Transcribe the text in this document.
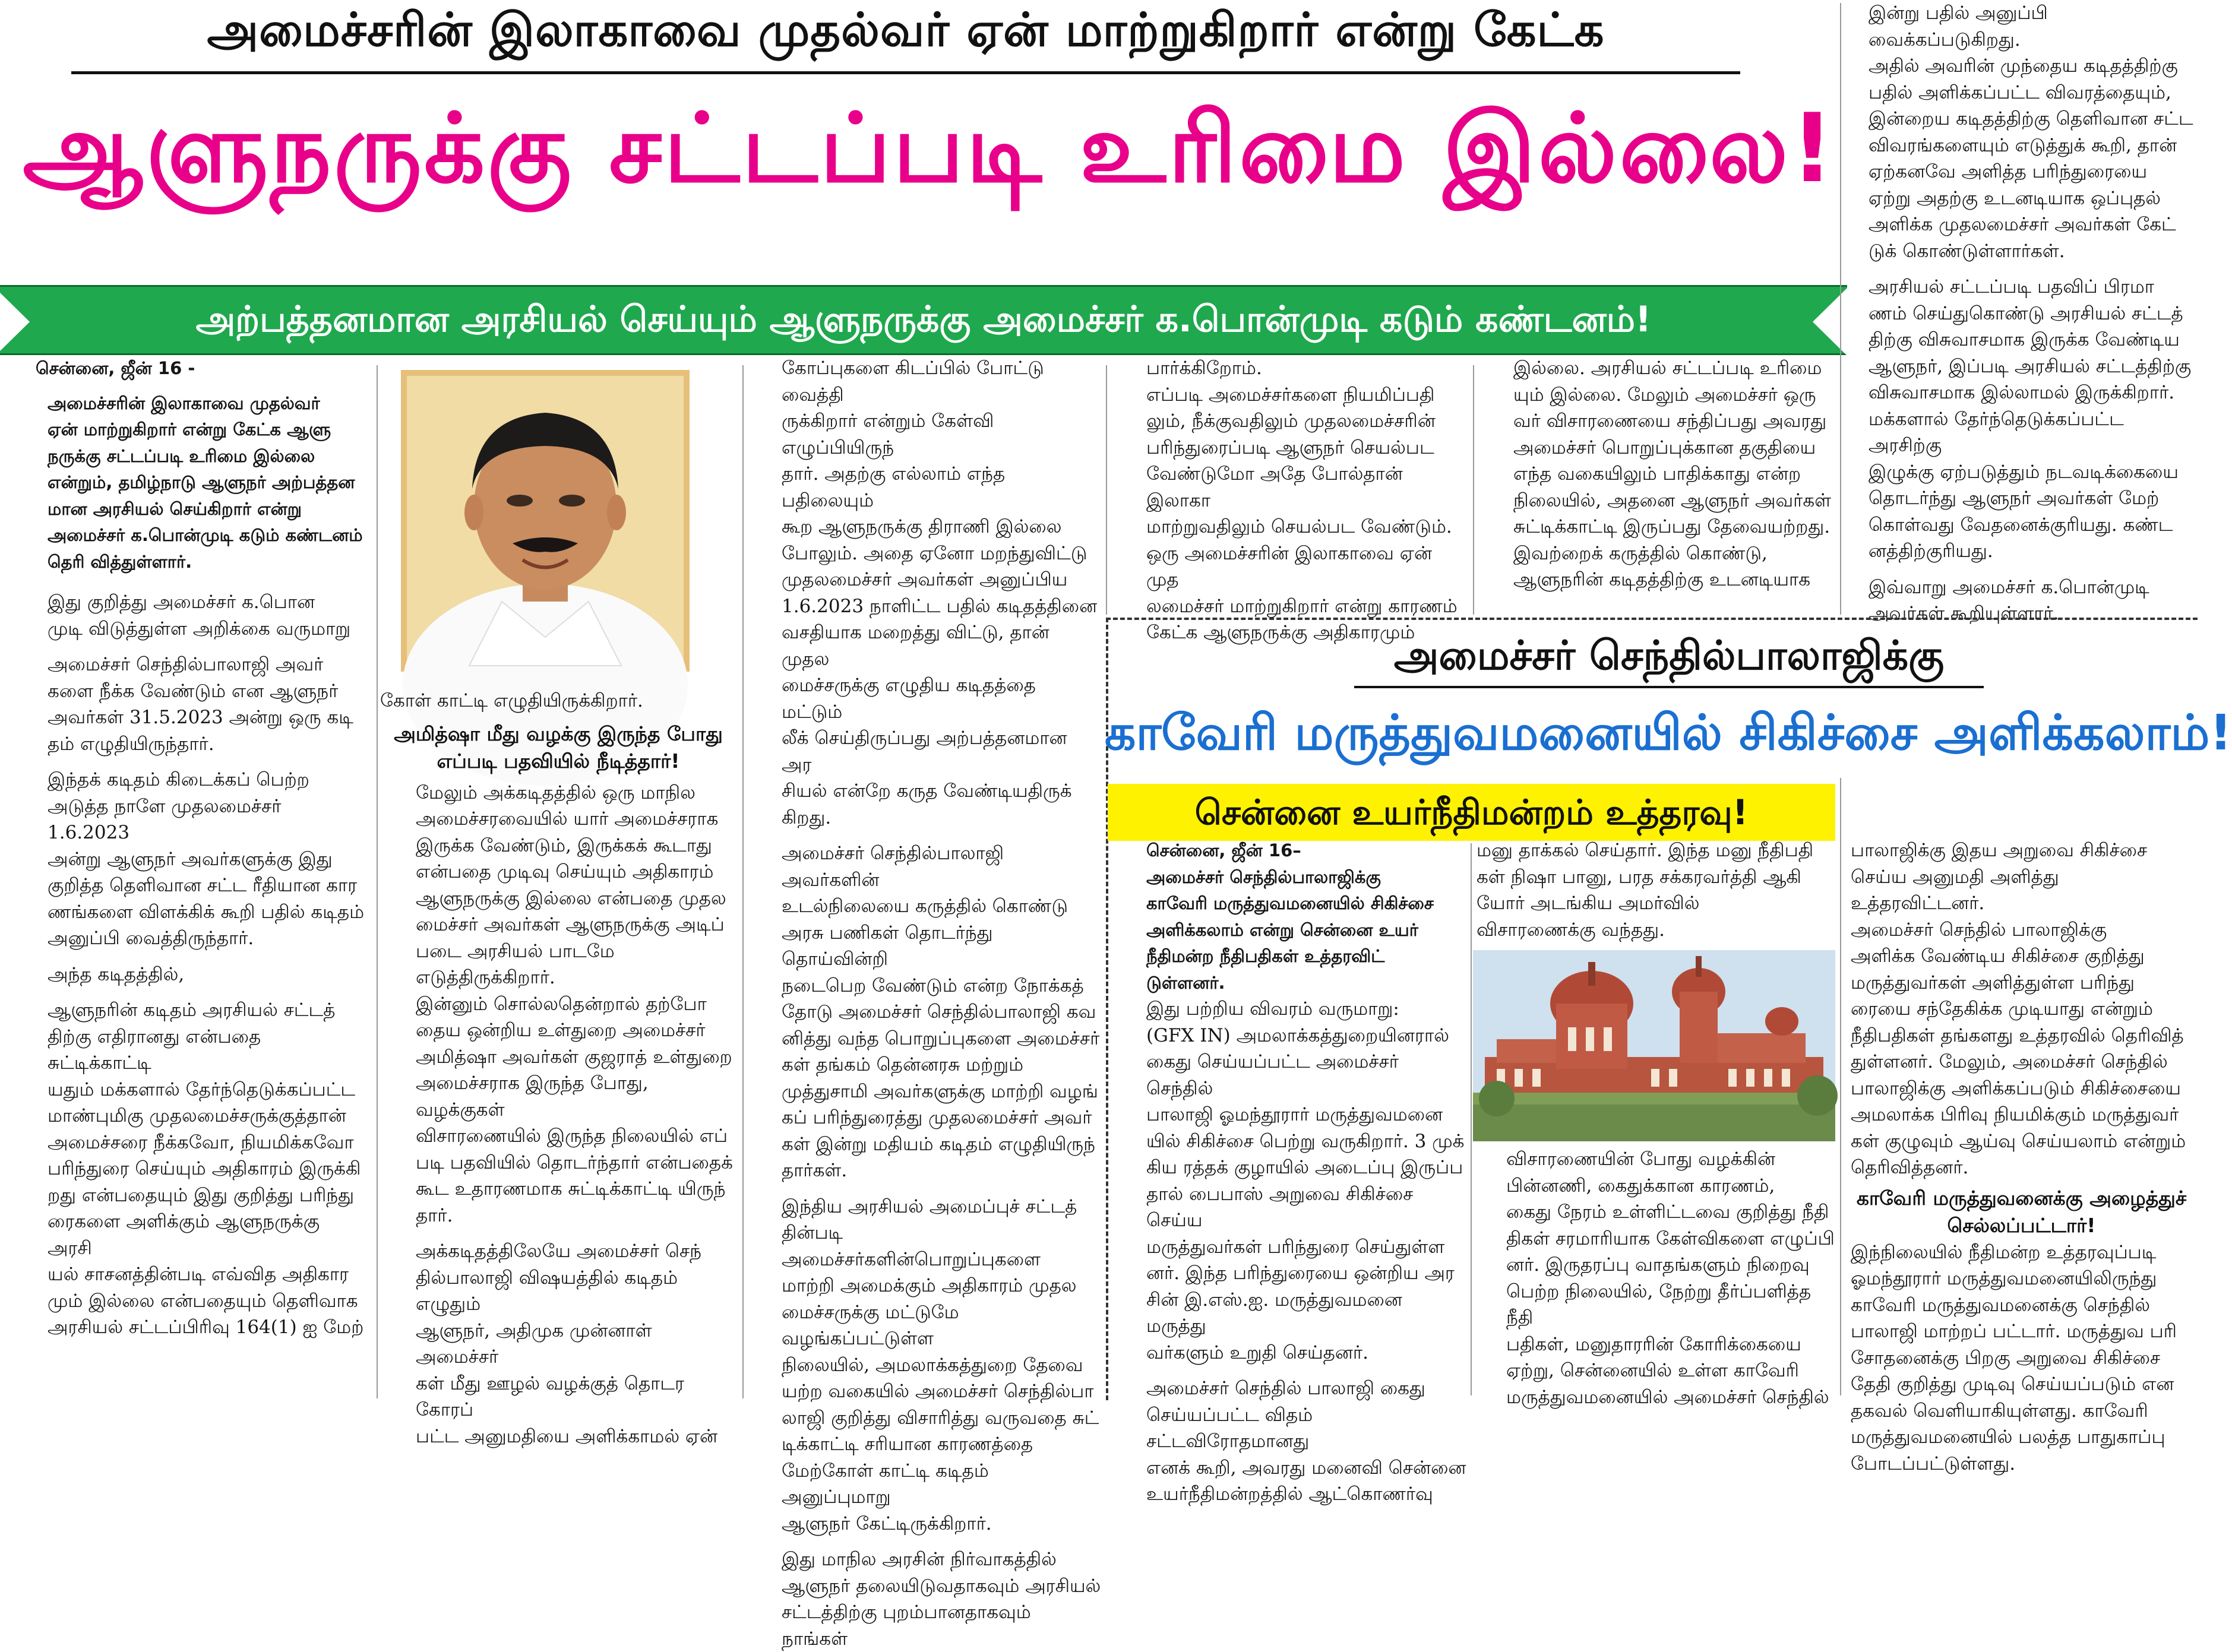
அமைச்சரின் இலாகாவை முதல்வர் ஏன் மாற்றுகிறார் என்று கேட்க
ஆளுநருக்கு சட்டப்படி உரிமை இல்லை!
அற்பத்தனமான அரசியல் செய்யும் ஆளுநருக்கு அமைச்சர் க.பொன்முடி கடும் கண்டனம்!
சென்னை, ஜீன் 16 -
அமைச்சரின் இலாகாவை முதல்வர்
ஏன் மாற்றுகிறார் என்று கேட்க ஆளு
நருக்கு சட்டப்படி உரிமை இல்லை
என்றும், தமிழ்நாடு ஆளுநர் அற்பத்தன
மான அரசியல் செய்கிறார் என்று
அமைச்சர் க.பொன்முடி கடும் கண்டனம்
தெரி வித்துள்ளார்.
இது குறித்து அமைச்சர் க.பொன
முடி விடுத்துள்ள அறிக்கை வருமாறு
அமைச்சர் செந்தில்பாலாஜி அவர்
களை நீக்க வேண்டும் என ஆளுநர்
அவர்கள் 31.5.2023 அன்று ஒரு கடி
தம் எழுதியிருந்தார்.
இந்தக் கடிதம் கிடைக்கப் பெற்ற
அடுத்த நாளே முதலமைச்சர் 1.6.2023
அன்று ஆளுநர் அவர்களுக்கு இது
குறித்த தெளிவான சட்ட ரீதியான கார
ணங்களை விளக்கிக் கூறி பதில் கடிதம்
அனுப்பி வைத்திருந்தார்.
அந்த கடிதத்தில்,
ஆளுநரின் கடிதம் அரசியல் சட்டத்
திற்கு எதிரானது என்பதை சுட்டிக்காட்டி
யதும் மக்களால் தேர்ந்தெடுக்கப்பட்ட
மாண்புமிகு முதலமைச்சருக்குத்தான்
அமைச்சரை நீக்கவோ, நியமிக்கவோ
பரிந்துரை செய்யும் அதிகாரம் இருக்கி
றது என்பதையும் இது குறித்து பரிந்து
ரைகளை அளிக்கும் ஆளுநருக்கு அரசி
யல் சாசனத்தின்படி எவ்வித அதிகார
மும் இல்லை என்பதையும் தெளிவாக
அரசியல் சட்டப்பிரிவு 164(1) ஐ மேற்
கோள் காட்டி எழுதியிருக்கிறார்.
அமித்ஷா மீது வழக்கு இருந்த போது எப்படி பதவியில் நீடித்தார்!
மேலும் அக்கடிதத்தில் ஒரு மாநில
அமைச்சரவையில் யார் அமைச்சராக
இருக்க வேண்டும், இருக்கக் கூடாது
என்பதை முடிவு செய்யும் அதிகாரம்
ஆளுநருக்கு இல்லை என்பதை முதல
மைச்சர் அவர்கள் ஆளுநருக்கு அடிப்
படை அரசியல் பாடமே எடுத்திருக்கிறார்.
இன்னும் சொல்லதென்றால் தற்போ
தைய ஒன்றிய உள்துறை அமைச்சர்
அமித்ஷா அவர்கள் குஜராத் உள்துறை
அமைச்சராக இருந்த போது, வழக்குகள்
விசாரணையில் இருந்த நிலையில் எப்
படி பதவியில் தொடர்ந்தார் என்பதைக்
கூட உதாரணமாக சுட்டிக்காட்டி யிருந்
தார்.
அக்கடிதத்திலேயே அமைச்சர் செந்
தில்பாலாஜி விஷயத்தில் கடிதம் எழுதும்
ஆளுநர், அதிமுக முன்னாள் அமைச்சர்
கள் மீது ஊழல் வழக்குத் தொடர கோரப்
பட்ட அனுமதியை அளிக்காமல் ஏன்
கோப்புகளை கிடப்பில் போட்டு வைத்தி
ருக்கிறார் என்றும் கேள்வி எழுப்பியிருந்
தார். அதற்கு எல்லாம் எந்த பதிலையும்
கூற ஆளுநருக்கு திராணி இல்லை
போலும். அதை ஏனோ மறந்துவிட்டு
முதலமைச்சர் அவர்கள் அனுப்பிய
1.6.2023 நாளிட்ட பதில் கடிதத்தினை
வசதியாக மறைத்து விட்டு, தான் முதல
மைச்சருக்கு எழுதிய கடிதத்தை மட்டும்
லீக் செய்திருப்பது அற்பத்தனமான அர
சியல் என்றே கருத வேண்டியதிருக்
கிறது.
அமைச்சர் செந்தில்பாலாஜி அவர்களின்
உடல்நிலையை கருத்தில் கொண்டு
அரசு பணிகள் தொடர்ந்து தொய்வின்றி
நடைபெற வேண்டும் என்ற நோக்கத்
தோடு அமைச்சர் செந்தில்பாலாஜி கவ
னித்து வந்த பொறுப்புகளை அமைச்சர்
கள் தங்கம் தென்னரசு மற்றும்
முத்துசாமி அவர்களுக்கு மாற்றி வழங்
கப் பரிந்துரைத்து முதலமைச்சர் அவர்
கள் இன்று மதியம் கடிதம் எழுதியிருந்
தார்கள்.
இந்திய அரசியல் அமைப்புச் சட்டத்
தின்படி அமைச்சர்களின்பொறுப்புகளை
மாற்றி அமைக்கும் அதிகாரம் முதல
மைச்சருக்கு மட்டுமே வழங்கப்பட்டுள்ள
நிலையில், அமலாக்கத்துறை தேவை
யற்ற வகையில் அமைச்சர் செந்தில்பா
லாஜி குறித்து விசாரித்து வருவதை சுட்
டிக்காட்டி சரியான காரணத்தை
மேற்கோள் காட்டி கடிதம் அனுப்புமாறு
ஆளுநர் கேட்டிருக்கிறார்.
இது மாநில அரசின் நிர்வாகத்தில்
ஆளுநர் தலையிடுவதாகவும் அரசியல்
சட்டத்திற்கு புறம்பானதாகவும் நாங்கள்
பார்க்கிறோம்.
எப்படி அமைச்சர்களை நியமிப்பதி
லும், நீக்குவதிலும் முதலமைச்சரின்
பரிந்துரைப்படி ஆளுநர் செயல்பட
வேண்டுமோ அதே போல்தான் இலாகா
மாற்றுவதிலும் செயல்பட வேண்டும்.
ஒரு அமைச்சரின் இலாகாவை ஏன் முத
லமைச்சர் மாற்றுகிறார் என்று காரணம்
கேட்க ஆளுநருக்கு அதிகாரமும்
இல்லை. அரசியல் சட்டப்படி உரிமை
யும் இல்லை. மேலும் அமைச்சர் ஒரு
வர் விசாரணையை சந்திப்பது அவரது
அமைச்சர் பொறுப்புக்கான தகுதியை
எந்த வகையிலும் பாதிக்காது என்ற
நிலையில், அதனை ஆளுநர் அவர்கள்
சுட்டிக்காட்டி இருப்பது தேவையற்றது.
இவற்றைக் கருத்தில் கொண்டு,
ஆளுநரின் கடிதத்திற்கு உடனடியாக
இன்று பதில் அனுப்பி வைக்கப்படுகிறது.
அதில் அவரின் முந்தைய கடிதத்திற்கு
பதில் அளிக்கப்பட்ட விவரத்தையும்,
இன்றைய கடிதத்திற்கு தெளிவான சட்ட
விவரங்களையும் எடுத்துக் கூறி, தான்
ஏற்கனவே அளித்த பரிந்துரையை
ஏற்று அதற்கு உடனடியாக ஒப்புதல்
அளிக்க முதலமைச்சர் அவர்கள் கேட்
டுக் கொண்டுள்ளார்கள்.
அரசியல் சட்டப்படி பதவிப் பிரமா
ணம் செய்துகொண்டு அரசியல் சட்டத்
திற்கு விசுவாசமாக இருக்க வேண்டிய
ஆளுநர், இப்படி அரசியல் சட்டத்திற்கு
விசுவாசமாக இல்லாமல் இருக்கிறார்.
மக்களால் தேர்ந்தெடுக்கப்பட்ட அரசிற்கு
இழுக்கு ஏற்படுத்தும் நடவடிக்கையை
தொடர்ந்து ஆளுநர் அவர்கள் மேற்
கொள்வது வேதனைக்குரியது. கண்ட
னத்திற்குரியது.
இவ்வாறு அமைச்சர் க.பொன்முடி
அவர்கள் கூறியுள்ளார்.
அமைச்சர் செந்தில்பாலாஜிக்கு
காவேரி மருத்துவமனையில் சிகிச்சை அளிக்கலாம்!
சென்னை உயர்நீதிமன்றம் உத்தரவு!
சென்னை, ஜீன் 16–
அமைச்சர் செந்தில்பாலாஜிக்கு
காவேரி மருத்துவமனையில் சிகிச்சை
அளிக்கலாம் என்று சென்னை உயர்
நீதிமன்ற நீதிபதிகள் உத்தரவிட்
டுள்ளனர்.
இது பற்றிய விவரம் வருமாறு:
(GFX IN) அமலாக்கத்துறையினரால்
கைது செய்யப்பட்ட அமைச்சர் செந்தில்
பாலாஜி ஓமந்தூரார் மருத்துவமனை
யில் சிகிச்சை பெற்று வருகிறார். 3 முக்
கிய ரத்தக் குழாயில் அடைப்பு இருப்ப
தால் பைபாஸ் அறுவை சிகிச்சை செய்ய
மருத்துவர்கள் பரிந்துரை செய்துள்ள
னர். இந்த பரிந்துரையை ஒன்றிய அர
சின் இ.எஸ்.ஐ. மருத்துவமனை மருத்து
வர்களும் உறுதி செய்தனர்.
அமைச்சர் செந்தில் பாலாஜி கைது
செய்யப்பட்ட விதம் சட்டவிரோதமானது
எனக் கூறி, அவரது மனைவி சென்னை
உயர்நீதிமன்றத்தில் ஆட்கொணர்வு
மனு தாக்கல் செய்தார். இந்த மனு நீதிபதி
கள் நிஷா பானு, பரத சக்கரவர்த்தி ஆகி
யோர் அடங்கிய அமர்வில்
விசாரணைக்கு வந்தது.
விசாரணையின் போது வழக்கின்
பின்னணி, கைதுக்கான காரணம்,
கைது நேரம் உள்ளிட்டவை குறித்து நீதி
திகள் சரமாரியாக கேள்விகளை எழுப்பி
னர். இருதரப்பு வாதங்களும் நிறைவு
பெற்ற நிலையில், நேற்று தீர்ப்பளித்த நீதி
பதிகள், மனுதாரரின் கோரிக்கையை
ஏற்று, சென்னையில் உள்ள காவேரி
மருத்துவமனையில் அமைச்சர் செந்தில்
பாலாஜிக்கு இதய அறுவை சிகிச்சை
செய்ய அனுமதி அளித்து உத்தரவிட்டனர்.
அமைச்சர் செந்தில் பாலாஜிக்கு
அளிக்க வேண்டிய சிகிச்சை குறித்து
மருத்துவர்கள் அளித்துள்ள பரிந்து
ரையை சந்தேகிக்க முடியாது என்றும்
நீதிபதிகள் தங்களது உத்தரவில் தெரிவித்
துள்ளனர். மேலும், அமைச்சர் செந்தில்
பாலாஜிக்கு அளிக்கப்படும் சிகிச்சையை
அமலாக்க பிரிவு நியமிக்கும் மருத்துவர்
கள் குழுவும் ஆய்வு செய்யலாம் என்றும்
தெரிவித்தனர்.
காவேரி மருத்துவனைக்கு அழைத்துச் செல்லப்பட்டார்!
இந்நிலையில் நீதிமன்ற உத்தரவுப்படி
ஓமந்தூரார் மருத்துவமனையிலிருந்து
காவேரி மருத்துவமனைக்கு செந்தில்
பாலாஜி மாற்றப் பட்டார். மருத்துவ பரி
சோதனைக்கு பிறகு அறுவை சிகிச்சை
தேதி குறித்து முடிவு செய்யப்படும் என
தகவல் வெளியாகியுள்ளது. காவேரி
மருத்துவமனையில் பலத்த பாதுகாப்பு
போடப்பட்டுள்ளது.
